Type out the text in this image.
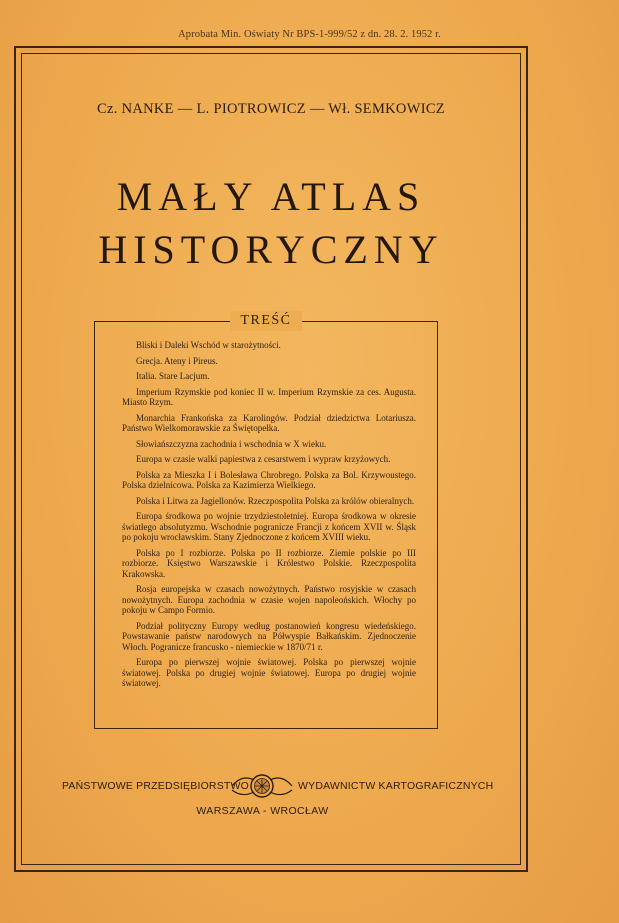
Aprobata Min. Oświaty Nr BPS-1-999/52 z dn. 28. 2. 1952 r.
Cz. NANKE — L. PIOTROWICZ — Wł. SEMKOWICZ
MAŁY ATLAS
HISTORYCZNY
TREŚĆ
Bliski i Daleki Wschód w starożytności.
Grecja. Ateny i Pireus.
Italia. Stare Lacjum.
Imperium Rzymskie pod koniec II w. Imperium Rzymskie za ces. Augusta. Miasto Rzym.
Monarchia Frankońska za Karolingów. Podział dziedzictwa Lotariusza. Państwo Wielkomorawskie za Świętopełka.
Słowiańszczyzna zachodnia i wschodnia w X wieku.
Europa w czasie walki papiestwa z cesarstwem i wypraw krzyżowych.
Polska za Mieszka I i Bolesława Chrobrego. Polska za Bol. Krzywoustego. Polska dzielnicowa. Polska za Kazimierza Wielkiego.
Polska i Litwa za Jagiellonów. Rzeczpospolita Polska za królów obieralnych.
Europa środkowa po wojnie trzydziestoletniej. Europa środkowa w okresie światłego absolutyzmu. Wschodnie pogranicze Francji z końcem XVII w. Śląsk po pokoju wrocławskim. Stany Zjednoczone z końcem XVIII wieku.
Polska po I rozbiorze. Polska po II rozbiorze. Ziemie polskie po III rozbiorze. Księstwo Warszawskie i Królestwo Polskie. Rzeczpospolita Krakowska.
Rosja europejska w czasach nowożytnych. Państwo rosyjskie w czasach nowożytnych. Europa zachodnia w czasie wojen napoleońskich. Włochy po pokoju w Campo Formio.
Podział polityczny Europy według postanowień kongresu wiedeńskiego. Powstawanie państw narodowych na Półwyspie Bałkańskim. Zjednoczenie Włoch. Pogranicze francusko - niemieckie w 1870/71 r.
Europa po pierwszej wojnie światowej. Polska po pierwszej wojnie światowej. Polska po drugiej wojnie światowej. Europa po drugiej wojnie światowej.
PAŃSTWOWE PRZEDSIĘBIORSTWO	WYDAWNICTW KARTOGRAFICZNYCH
WARSZAWA - WROCŁAW
